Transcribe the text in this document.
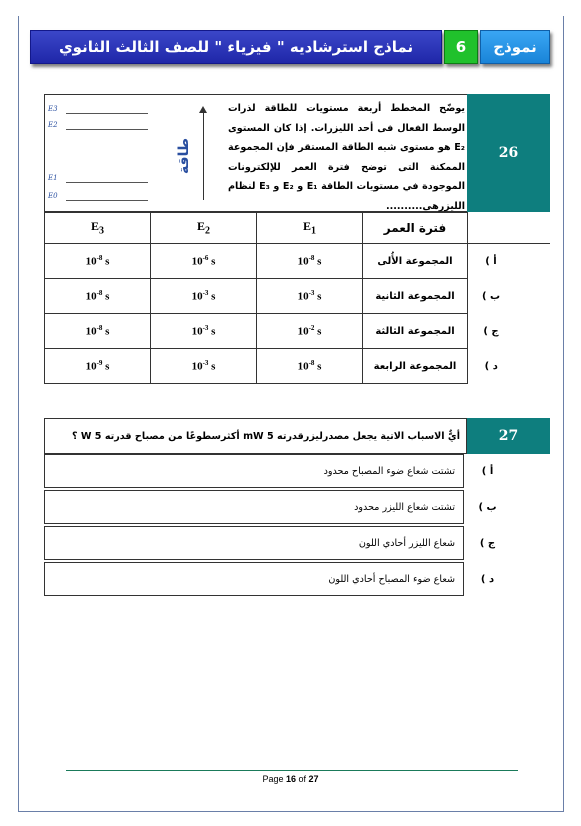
نماذج استرشاديه " فيزياء " للصف الثالث الثانوي	6	نموذج
26
يوضّح المخطط أربعة مستويات للطاقة لذرات الوسط الفعال فى أحد الليزرات. إذا كان المستوى E₂ هو مستوى شبه الطاقة المستقر فإن المجموعة الممكنة التى توضح فترة العمر للإلكترونات الموجودة في مستويات الطاقة E₁ و E₂ و E₃ لنظام الليزرهى..........
E3
E2
E1
E0
طاقة
$E_3$	$E_2$	$E_1$	فترة العمر		
$10^{-8}$ s	$10^{-6}$ s	$10^{-8}$ s	المجموعة الأُلى	أ )	
$10^{-8}$ s	$10^{-3}$ s	$10^{-3}$ s	المجموعة الثانية	ب )	
$10^{-8}$ s	$10^{-3}$ s	$10^{-2}$ s	المجموعة الثالثة	ج )	
$10^{-9}$ s	$10^{-3}$ s	$10^{-8}$ s	المجموعة الرابعة	د )	
أيٌّ الاسباب الاتية يجعل مصدرليزرقدرته 5 mW أكثرسطوعًا من مصباح قدرته 5 W ؟	27
تشتت شعاع ضوء المصباح محدود	أ )
تشتت شعاع الليزر محدود	ب )
شعاع الليزر أحادي اللون	ج )
شعاع ضوء المصباح أحادي اللون	د )
Page 16 of 27
